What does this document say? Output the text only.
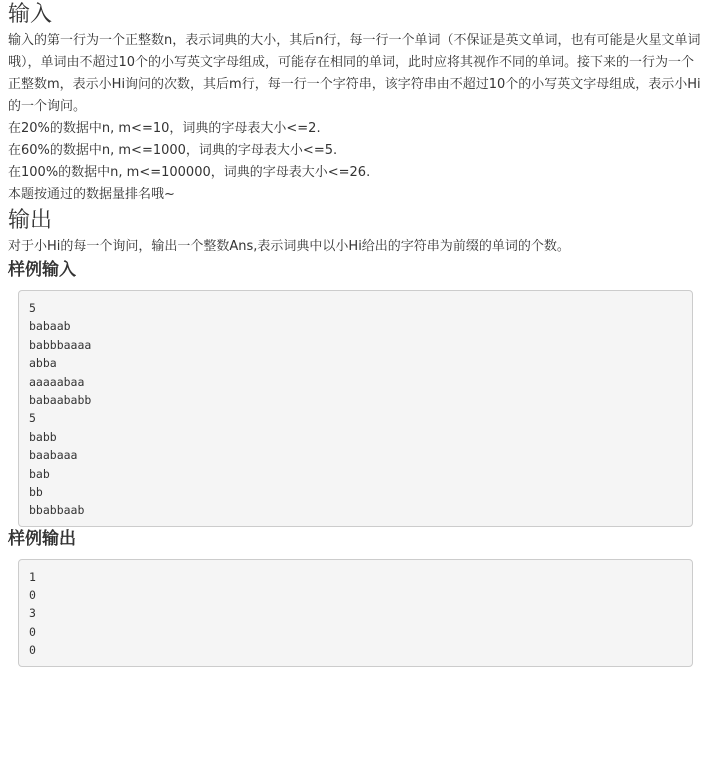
输入

输入的第一行为一个正整数n，表示词典的大小，其后n行，每一行一个单词（不保证是英文单词，也有可能是火星文单词哦），单词由不超过10个的小写英文字母组成，可能存在相同的单词，此时应将其视作不同的单词。接下来的一行为一个正整数m，表示小Hi询问的次数，其后m行，每一行一个字符串，该字符串由不超过10个的小写英文字母组成，表示小Hi的一个询问。

在20%的数据中n, m<=10，词典的字母表大小<=2.

在60%的数据中n, m<=1000，词典的字母表大小<=5.

在100%的数据中n, m<=100000，词典的字母表大小<=26.

本题按通过的数据量排名哦~

输出

对于小Hi的每一个询问，输出一个整数Ans,表示词典中以小Hi给出的字符串为前缀的单词的个数。

样例输入
5
babaab
babbbaaaa
abba
aaaaabaa
babaababb
5
babb
baabaaa
bab
bb
bbabbaab
样例输出
1
0
3
0
0
